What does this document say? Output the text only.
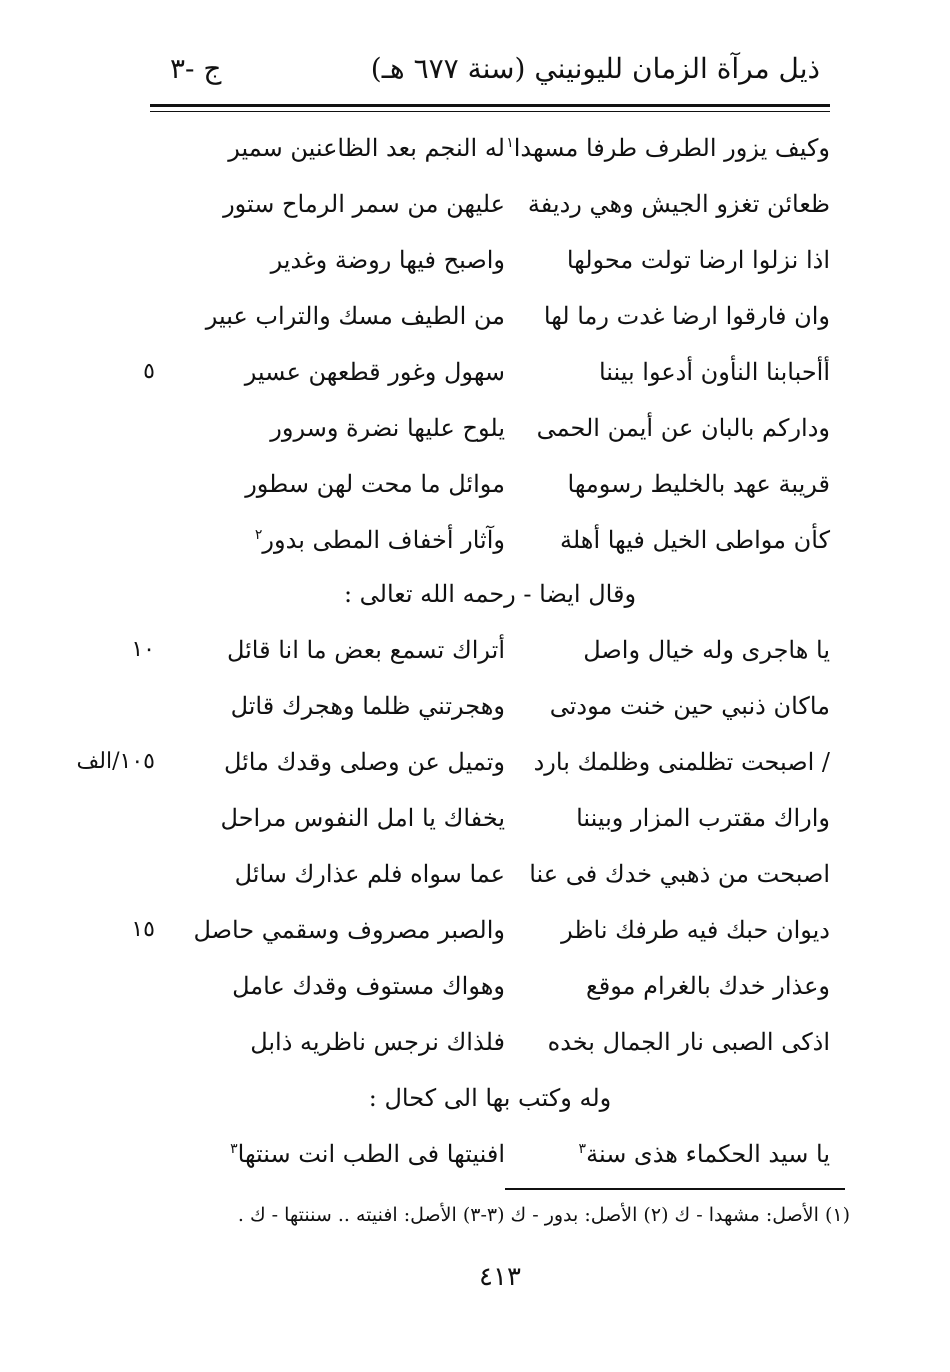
ذيل مرآة الزمان لليونيني (سنة ٦٧٧ هـ)
ج -٣
وكيف يزور الطرف طرفا مسهدا$^١$
له النجم بعد الظاعنين سمير
ظعائن تغزو الجيش وهي رديفة
عليهن من سمر الرماح ستور
اذا نزلوا ارضا تولت محولها
واصبح فيها روضة وغدير
وان فارقوا ارضا غدت رما لها
من الطيف مسك والتراب عبير
أأحبابنا النأون أدعوا بيننا
سهول وغور قطعهن عسير
٥
ودارکم بالبان عن أيمن الحمى
يلوح عليها نضرة وسرور
قريبة عهد بالخليط رسومها
موائل ما محت لهن سطور
كأن مواطى الخيل فيها أهلة
وآثار أخفاف المطى بدور$^٢$
وقال ايضا - رحمه الله تعالى :
يا هاجرى وله خيال واصل
أتراك تسمع بعض ما انا قائل
١٠
ماكان ذنبي حين خنت مودتى
وهجرتني ظلما وهجرك قاتل
/ اصبحت تظلمنى وظلمك بارد
وتميل عن وصلى وقدك مائل
١٠٥/الف
واراك مقترب المزار وبيننا
يخفاك يا امل النفوس مراحل
اصبحت من ذهبي خدك فى عنا
عما سواه فلم عذارك سائل
ديوان حبك فيه طرفك ناظر
والصبر مصروف وسقمي حاصل
١٥
وعذار خدك بالغرام موقع
وهواك مستوف وقدك عامل
اذكى الصبى نار الجمال بخده
فلذاك نرجس ناظريه ذابل
وله وكتب بها الى كحال :
يا سيد الحكماء هذى سنة$^٣$
افنيتها فى الطب انت سنتها$^٣$
(١) الأصل: مشهدا - ك (٢) الأصل: بدور - ك (٣-٣) الأصل: افنيته .. سننتها - ك .
٤١٣
